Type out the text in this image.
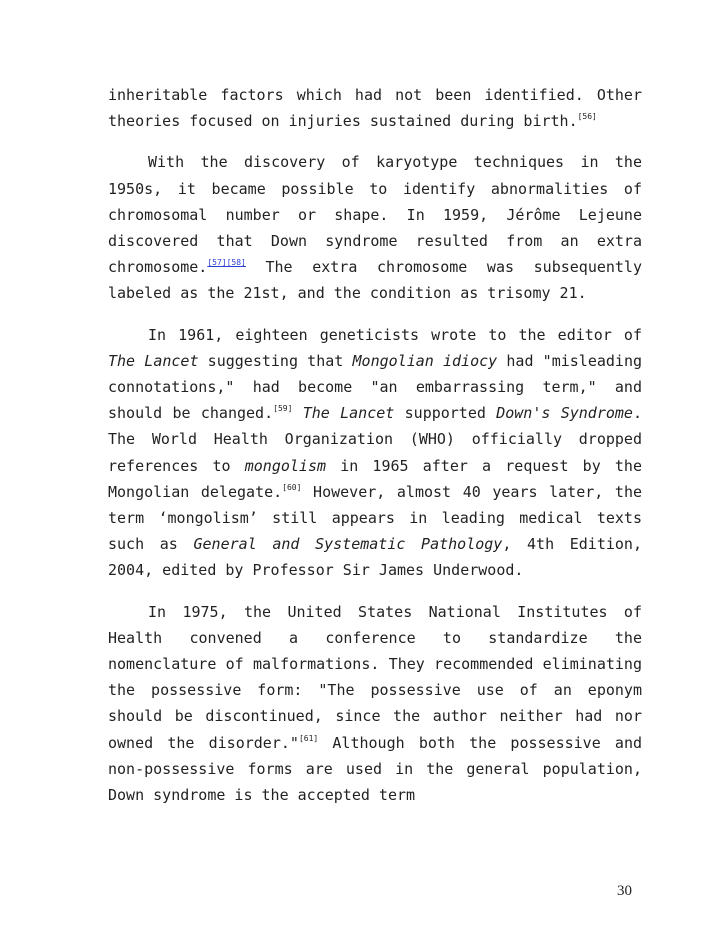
inheritable factors which had not been identified. Other theories focused on injuries sustained during birth.[56]

With the discovery of karyotype techniques in the 1950s, it became possible to identify abnormalities of chromosomal number or shape. In 1959, Jérôme Lejeune discovered that Down syndrome resulted from an extra chromosome.[57][58] The extra chromosome was subsequently labeled as the 21st, and the condition as trisomy 21.

In 1961, eighteen geneticists wrote to the editor of The Lancet suggesting that Mongolian idiocy had "misleading connotations," had become "an embarrassing term," and should be changed.[59] The Lancet supported Down's Syndrome. The World Health Organization (WHO) officially dropped references to mongolism in 1965 after a request by the Mongolian delegate.[60] However, almost 40 years later, the term ‘mongolism’ still appears in leading medical texts such as General and Systematic Pathology, 4th Edition, 2004, edited by Professor Sir James Underwood.

In 1975, the United States National Institutes of Health convened a conference to standardize the nomenclature of malformations. They recommended eliminating the possessive form: "The possessive use of an eponym should be discontinued, since the author neither had nor owned the disorder."[61] Although both the possessive and non-possessive forms are used in the general population, Down syndrome is the accepted term

30
